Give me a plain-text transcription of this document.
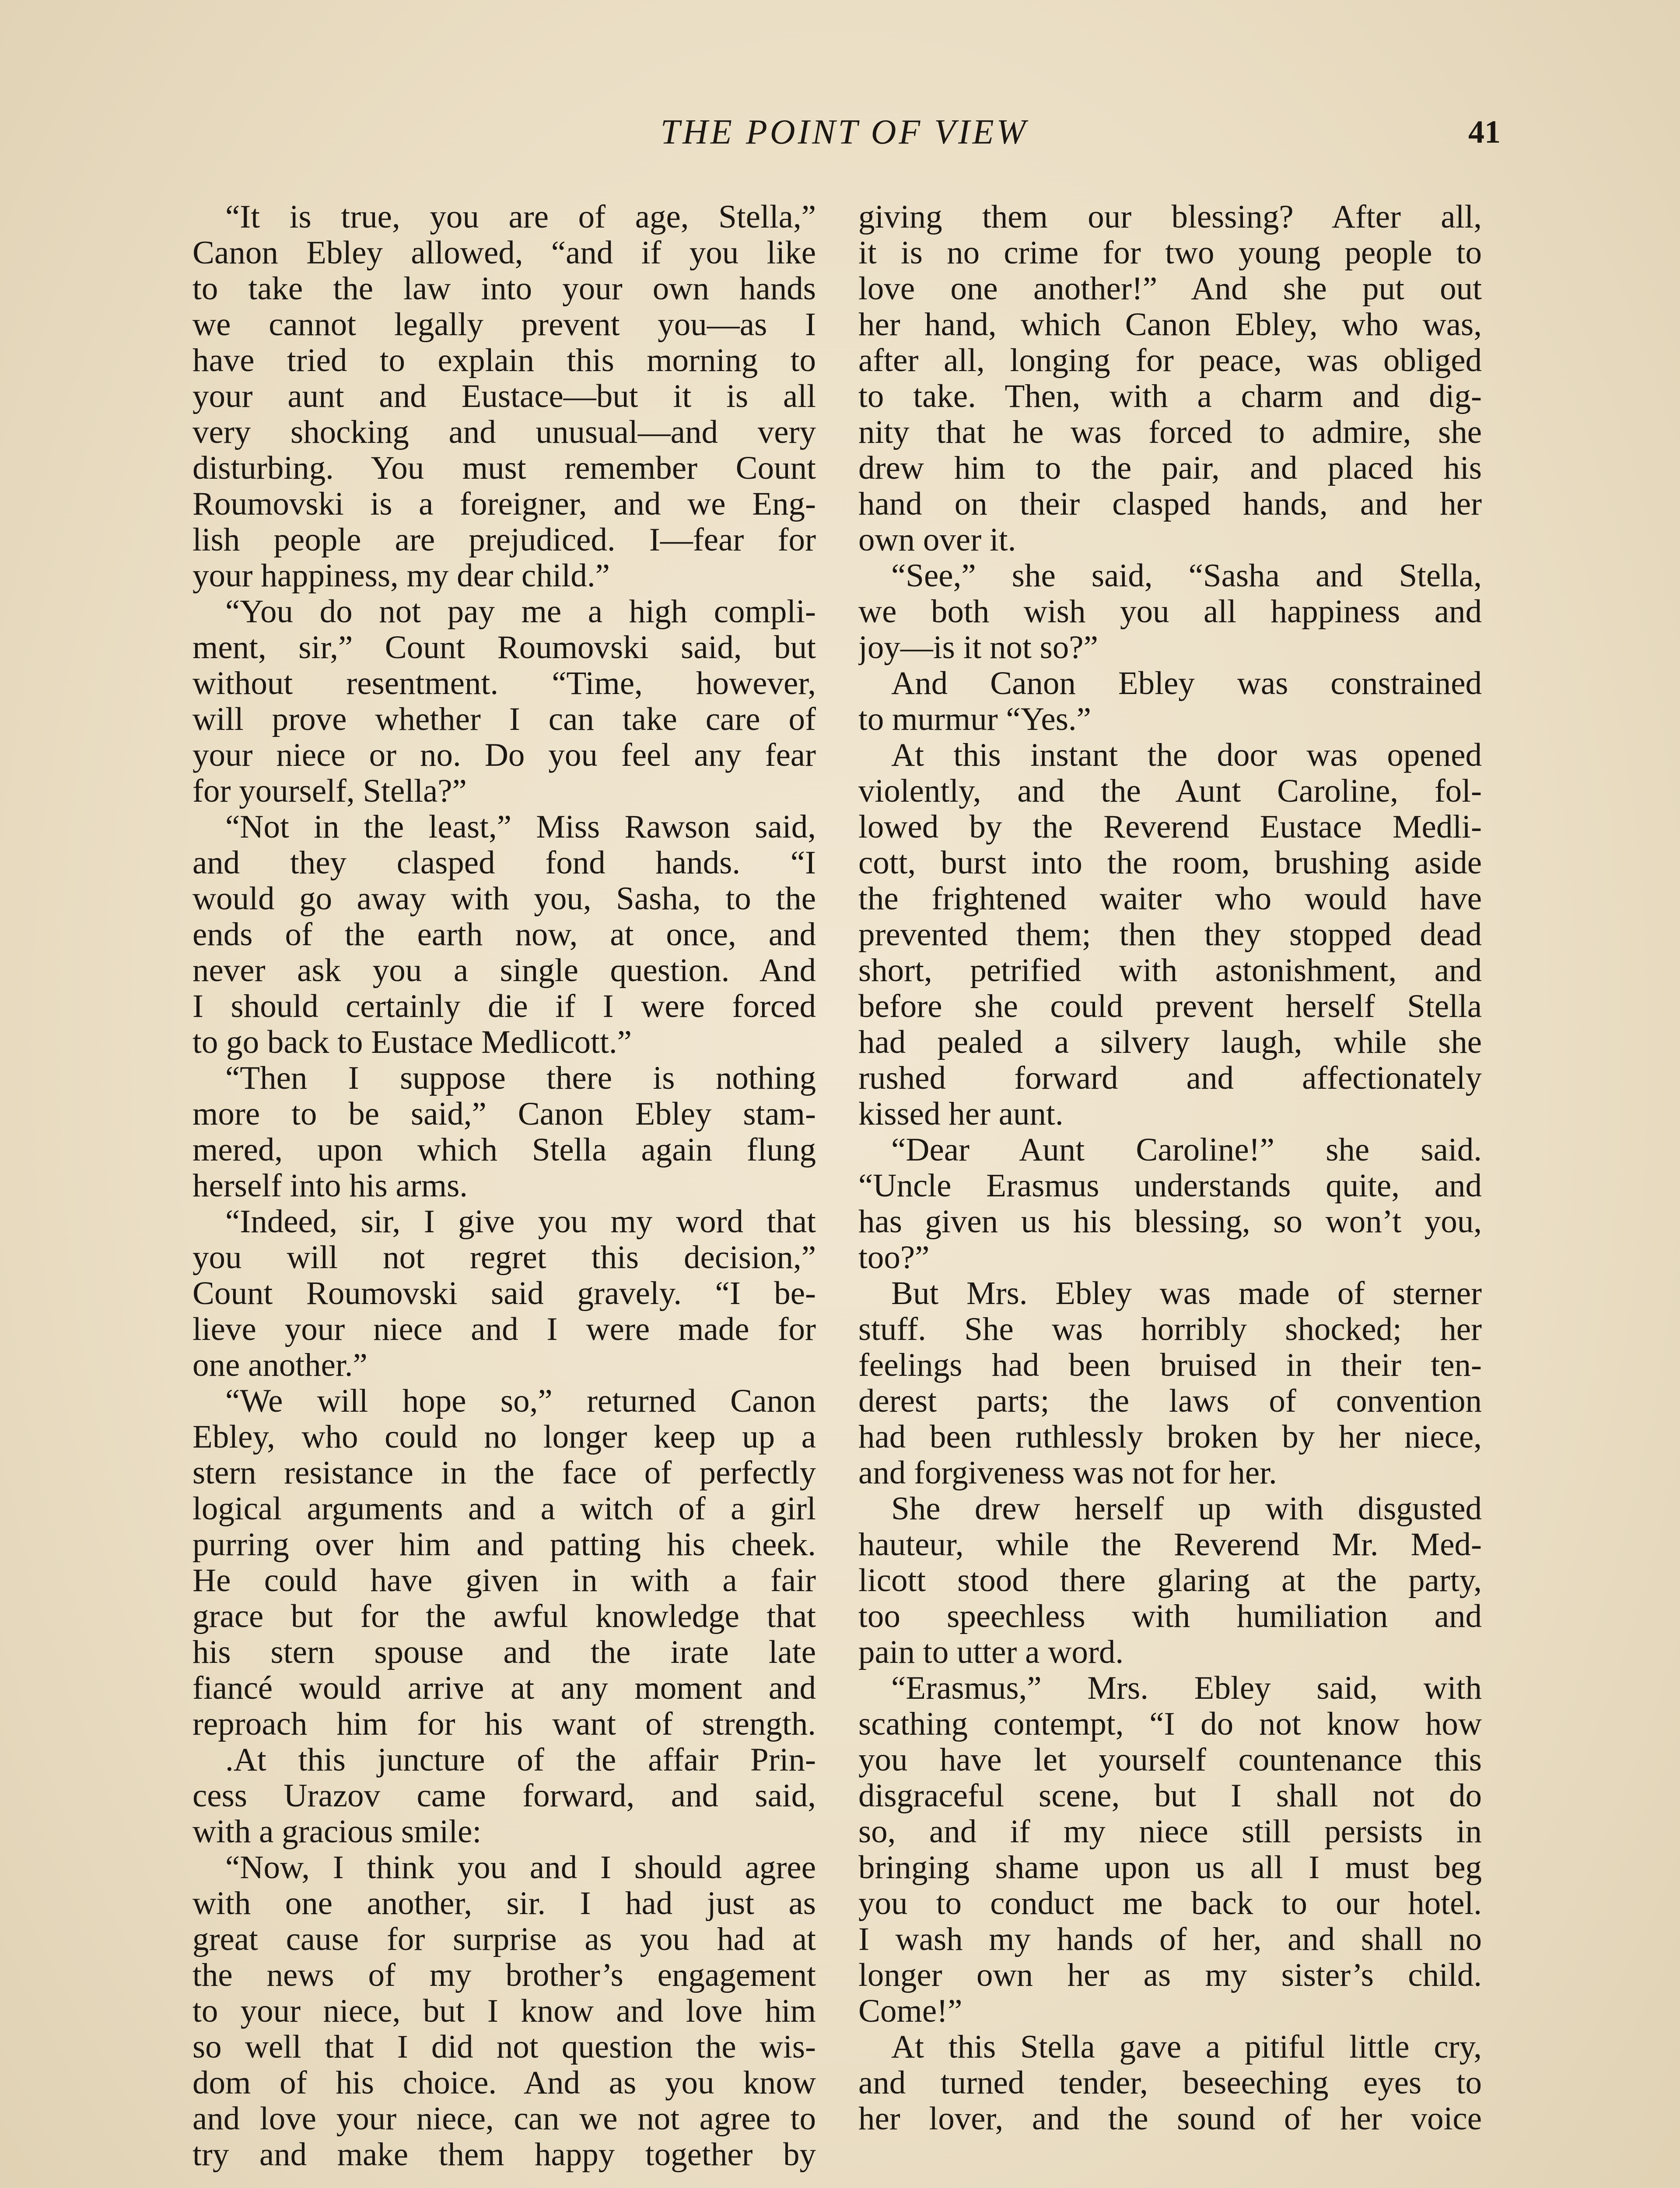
THE POINT OF VIEW	41
“It is true, you are of age, Stella,”
Canon Ebley allowed, “and if you like
to take the law into your own hands
we cannot legally prevent you—as I
have tried to explain this morning to
your aunt and Eustace—but it is all
very shocking and unusual—and very
disturbing. You must remember Count
Roumovski is a foreigner, and we Eng-
lish people are prejudiced. I—fear for
your happiness, my dear child.”
“You do not pay me a high compli-
ment, sir,” Count Roumovski said, but
without resentment. “Time, however,
will prove whether I can take care of
your niece or no. Do you feel any fear
for yourself, Stella?”
“Not in the least,” Miss Rawson said,
and they clasped fond hands. “I
would go away with you, Sasha, to the
ends of the earth now, at once, and
never ask you a single question. And
I should certainly die if I were forced
to go back to Eustace Medlicott.”
“Then I suppose there is nothing
more to be said,” Canon Ebley stam-
mered, upon which Stella again flung
herself into his arms.
“Indeed, sir, I give you my word that
you will not regret this decision,”
Count Roumovski said gravely. “I be-
lieve your niece and I were made for
one another.”
“We will hope so,” returned Canon
Ebley, who could no longer keep up a
stern resistance in the face of perfectly
logical arguments and a witch of a girl
purring over him and patting his cheek.
He could have given in with a fair
grace but for the awful knowledge that
his stern spouse and the irate late
fiancé would arrive at any moment and
reproach him for his want of strength.
.At this juncture of the affair Prin-
cess Urazov came forward, and said,
with a gracious smile:
“Now, I think you and I should agree
with one another, sir. I had just as
great cause for surprise as you had at
the news of my brother’s engagement
to your niece, but I know and love him
so well that I did not question the wis-
dom of his choice. And as you know
and love your niece, can we not agree to
try and make them happy together by
giving them our blessing? After all,
it is no crime for two young people to
love one another!” And she put out
her hand, which Canon Ebley, who was,
after all, longing for peace, was obliged
to take. Then, with a charm and dig-
nity that he was forced to admire, she
drew him to the pair, and placed his
hand on their clasped hands, and her
own over it.
“See,” she said, “Sasha and Stella,
we both wish you all happiness and
joy—is it not so?”
And Canon Ebley was constrained
to murmur “Yes.”
At this instant the door was opened
violently, and the Aunt Caroline, fol-
lowed by the Reverend Eustace Medli-
cott, burst into the room, brushing aside
the frightened waiter who would have
prevented them; then they stopped dead
short, petrified with astonishment, and
before she could prevent herself Stella
had pealed a silvery laugh, while she
rushed forward and affectionately
kissed her aunt.
“Dear Aunt Caroline!” she said.
“Uncle Erasmus understands quite, and
has given us his blessing, so won’t you,
too?”
But Mrs. Ebley was made of sterner
stuff. She was horribly shocked; her
feelings had been bruised in their ten-
derest parts; the laws of convention
had been ruthlessly broken by her niece,
and forgiveness was not for her.
She drew herself up with disgusted
hauteur, while the Reverend Mr. Med-
licott stood there glaring at the party,
too speechless with humiliation and
pain to utter a word.
“Erasmus,” Mrs. Ebley said, with
scathing contempt, “I do not know how
you have let yourself countenance this
disgraceful scene, but I shall not do
so, and if my niece still persists in
bringing shame upon us all I must beg
you to conduct me back to our hotel.
I wash my hands of her, and shall no
longer own her as my sister’s child.
Come!”
At this Stella gave a pitiful little cry,
and turned tender, beseeching eyes to
her lover, and the sound of her voice
